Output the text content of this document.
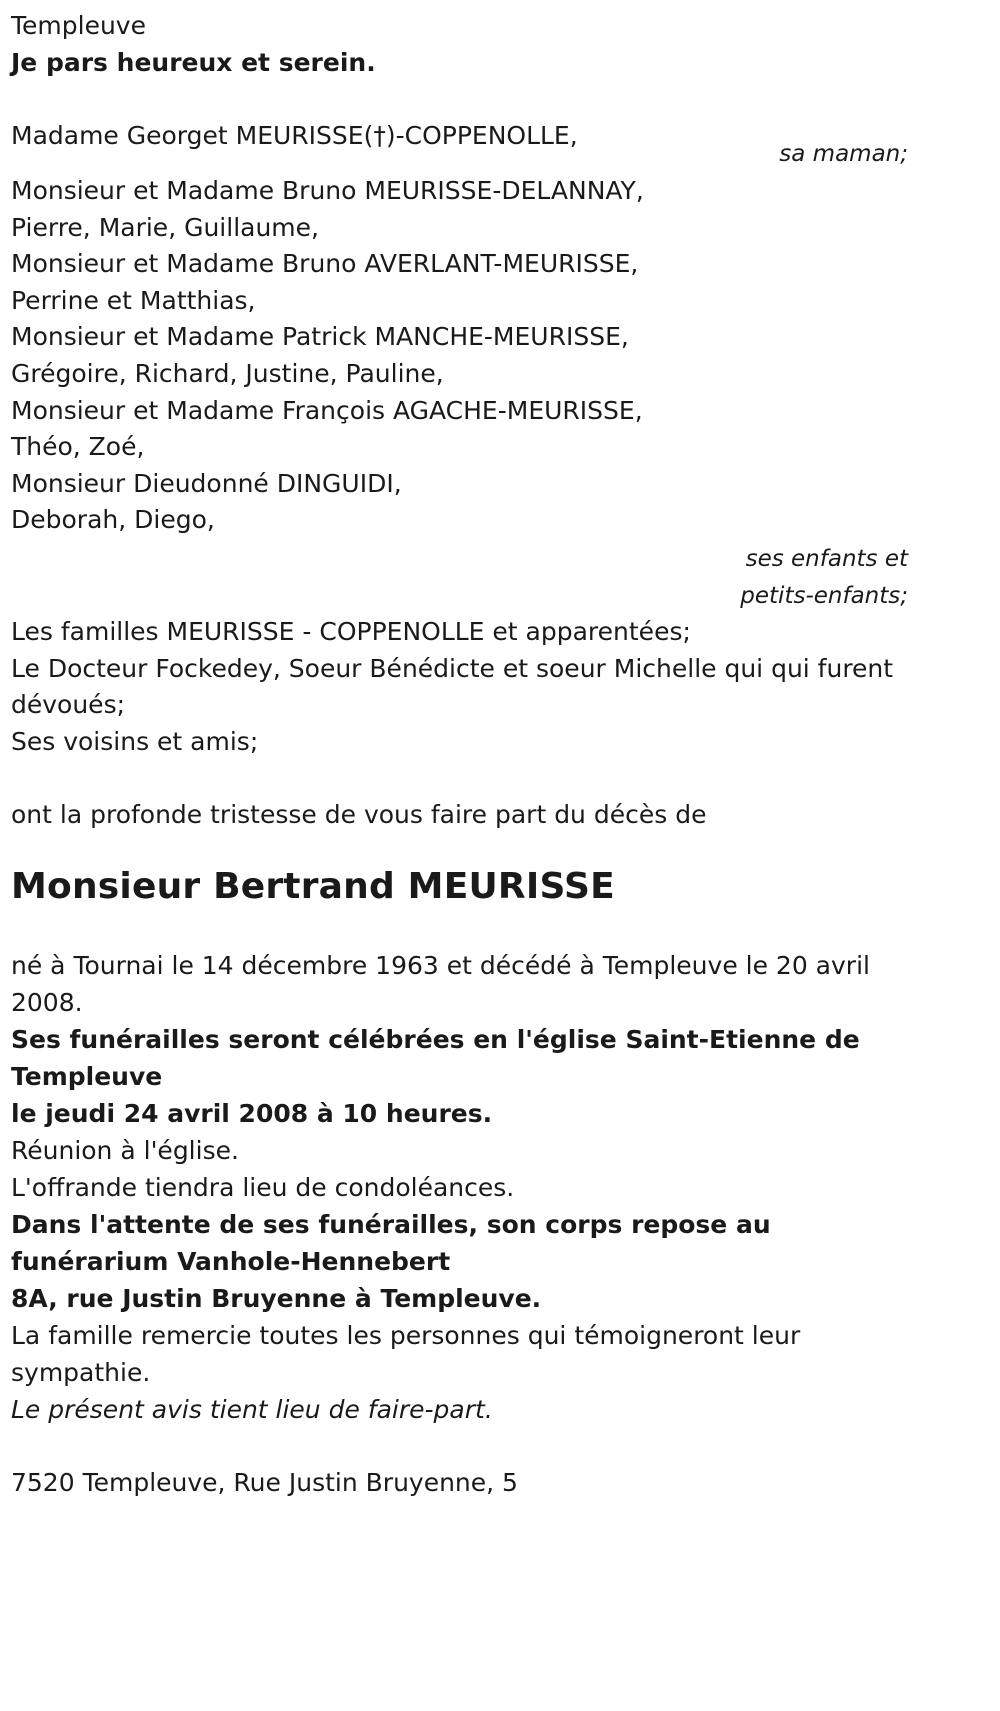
Templeuve

Je pars heureux et serein.

Madame Georget MEURISSE(†)-COPPENOLLE,

sa maman;

Monsieur et Madame Bruno MEURISSE-DELANNAY,

Pierre, Marie, Guillaume,

Monsieur et Madame Bruno AVERLANT-MEURISSE,

Perrine et Matthias,

Monsieur et Madame Patrick MANCHE-MEURISSE,

Grégoire, Richard, Justine, Pauline,

Monsieur et Madame François AGACHE-MEURISSE,

Théo, Zoé,

Monsieur Dieudonné DINGUIDI,

Deborah, Diego,

ses enfants et

petits-enfants;

Les familles MEURISSE - COPPENOLLE et apparentées;

Le Docteur Fockedey, Soeur Bénédicte et soeur Michelle qui qui furent dévoués;

Ses voisins et amis;

ont la profonde tristesse de vous faire part du décès de

Monsieur Bertrand MEURISSE

né à Tournai le 14 décembre 1963 et décédé à Templeuve le 20 avril 2008.

Ses funérailles seront célébrées en l'église Saint-Etienne de Templeuve

le jeudi 24 avril 2008 à 10 heures.

Réunion à l'église.

L'offrande tiendra lieu de condoléances.

Dans l'attente de ses funérailles, son corps repose au funérarium Vanhole-Hennebert

8A, rue Justin Bruyenne à Templeuve.

La famille remercie toutes les personnes qui témoigneront leur sympathie.

Le présent avis tient lieu de faire-part.

7520 Templeuve, Rue Justin Bruyenne, 5
